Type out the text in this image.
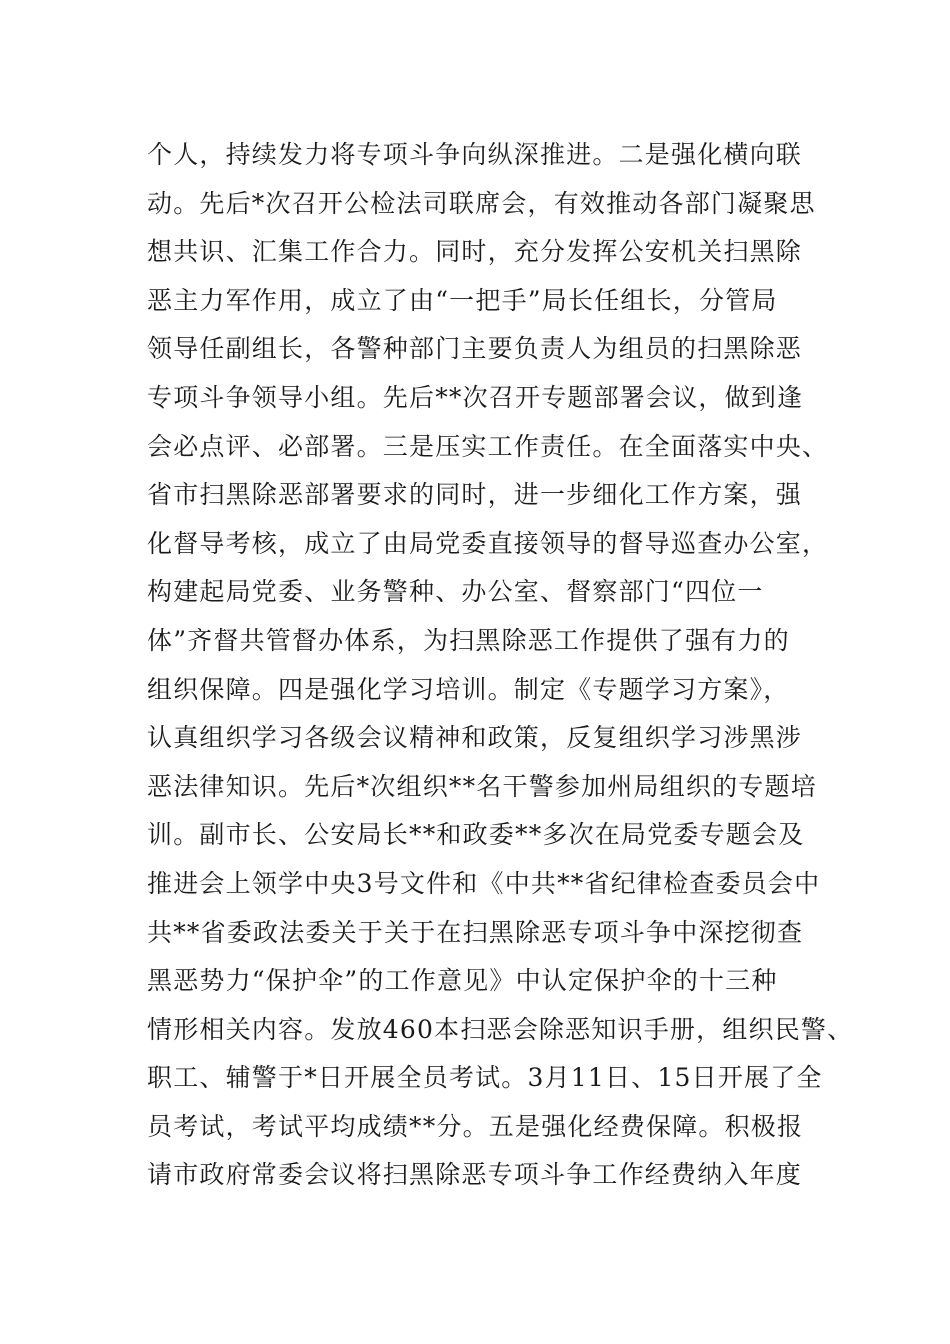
个人，持续发力将专项斗争向纵深推进。二是强化横向联
动。先后*次召开公检法司联席会，有效推动各部门凝聚思
想共识、汇集工作合力。同时，充分发挥公安机关扫黑除
恶主力军作用，成立了由“一把手”局长任组长，分管局
领导任副组长，各警种部门主要负责人为组员的扫黑除恶
专项斗争领导小组。先后**次召开专题部署会议，做到逢
会必点评、必部署。三是压实工作责任。在全面落实中央、
省市扫黑除恶部署要求的同时，进一步细化工作方案，强
化督导考核，成立了由局党委直接领导的督导巡查办公室，
构建起局党委、业务警种、办公室、督察部门“四位一
体”齐督共管督办体系，为扫黑除恶工作提供了强有力的
组织保障。四是强化学习培训。制定《专题学习方案》，
认真组织学习各级会议精神和政策，反复组织学习涉黑涉
恶法律知识。先后*次组织**名干警参加州局组织的专题培
训。副市长、公安局长**和政委**多次在局党委专题会及
推进会上领学中央3号文件和《中共**省纪律检查委员会中
共**省委政法委关于关于在扫黑除恶专项斗争中深挖彻查
黑恶势力“保护伞”的工作意见》中认定保护伞的十三种
情形相关内容。发放460本扫恶会除恶知识手册，组织民警、
职工、辅警于*日开展全员考试。3月11日、15日开展了全
员考试，考试平均成绩**分。五是强化经费保障。积极报
请市政府常委会议将扫黑除恶专项斗争工作经费纳入年度
